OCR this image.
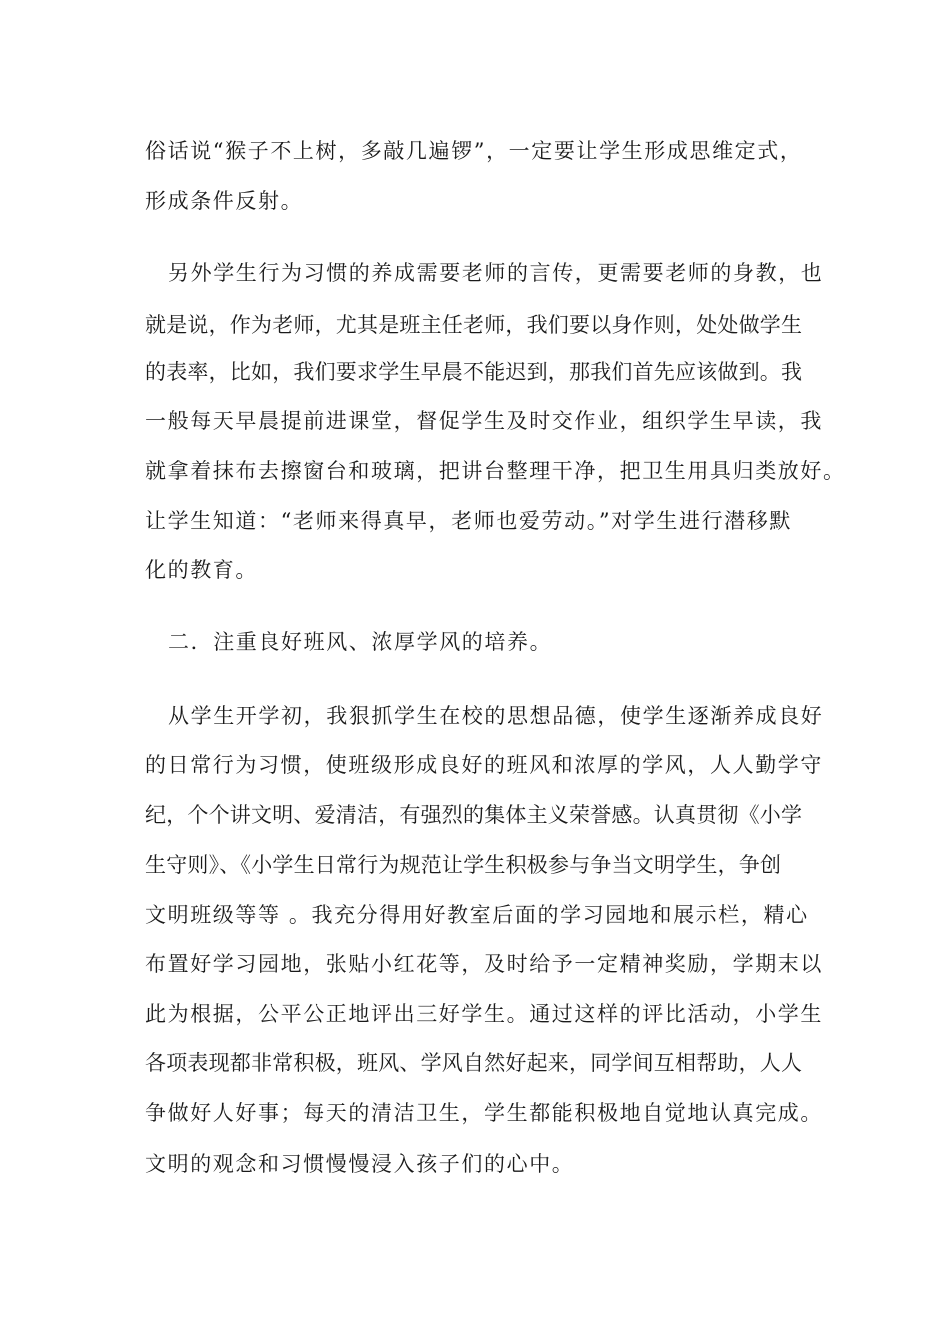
俗话说“猴子不上树，多敲几遍锣”，一定要让学生形成思维定式，

形成条件反射。

另外学生行为习惯的养成需要老师的言传，更需要老师的身教，也

就是说，作为老师，尤其是班主任老师，我们要以身作则，处处做学生

的表率，比如，我们要求学生早晨不能迟到，那我们首先应该做到。我

一般每天早晨提前进课堂，督促学生及时交作业，组织学生早读，我

就拿着抹布去擦窗台和玻璃，把讲台整理干净，把卫生用具归类放好。

让学生知道：“老师来得真早，老师也爱劳动。”对学生进行潜移默

化的教育。

二．注重良好班风、浓厚学风的培养。

从学生开学初，我狠抓学生在校的思想品德，使学生逐渐养成良好

的日常行为习惯，使班级形成良好的班风和浓厚的学风，人人勤学守

纪，个个讲文明、爱清洁，有强烈的集体主义荣誉感。认真贯彻《小学

生守则》、《小学生日常行为规范让学生积极参与争当文明学生，争创

文明班级等等 。我充分得用好教室后面的学习园地和展示栏，精心

布置好学习园地，张贴小红花等，及时给予一定精神奖励，学期末以

此为根据，公平公正地评出三好学生。通过这样的评比活动，小学生

各项表现都非常积极，班风、学风自然好起来，同学间互相帮助，人人

争做好人好事；每天的清洁卫生，学生都能积极地自觉地认真完成。

文明的观念和习惯慢慢浸入孩子们的心中。
